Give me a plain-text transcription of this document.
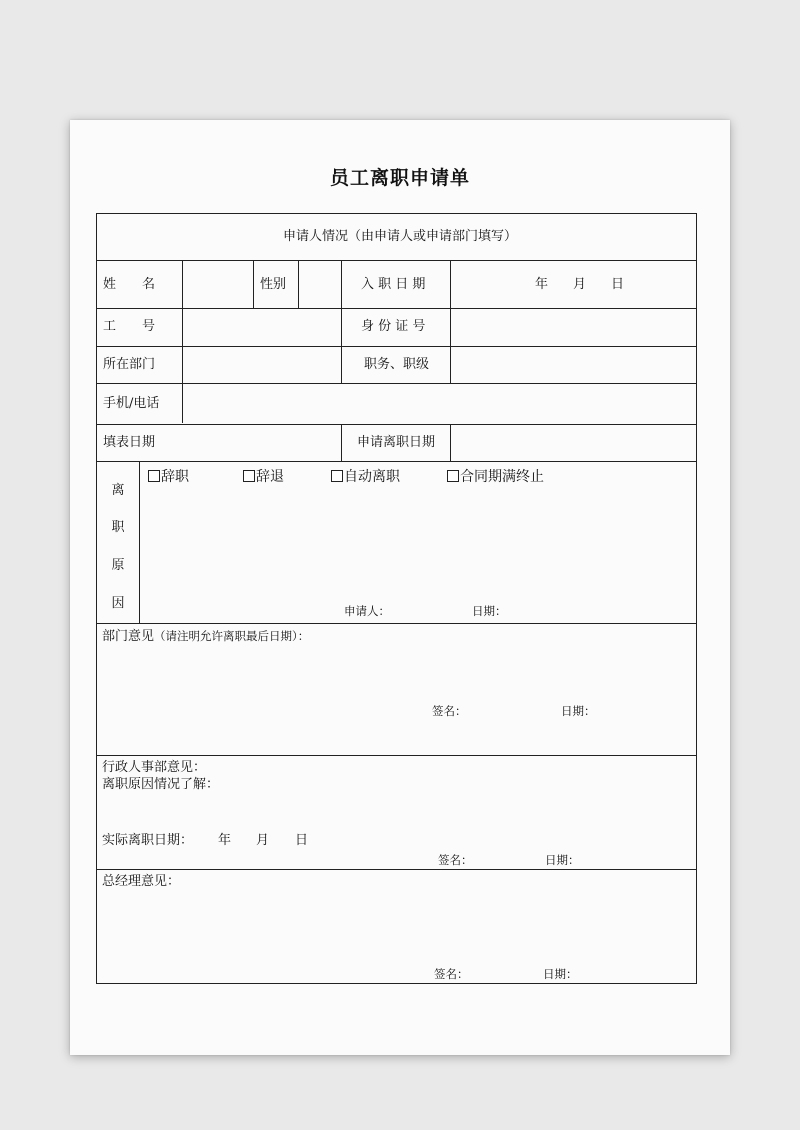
员工离职申请单
申请人情况（由申请人或申请部门填写）
姓　　名	性别	入 职 日 期	年 月 日
工　　号	身 份 证 号
所在部门	职务、职级
手机/电话
填表日期	申请离职日期
离
职
原
因
辞职	辞退	自动离职	合同期满终止
申请人：	日期：
部门意见（请注明允许离职最后日期）：
签名：	日期：
行政人事部意见：
离职原因情况了解：
实际离职日期： 年 月 日
签名：	日期：
总经理意见：
签名：	日期：
